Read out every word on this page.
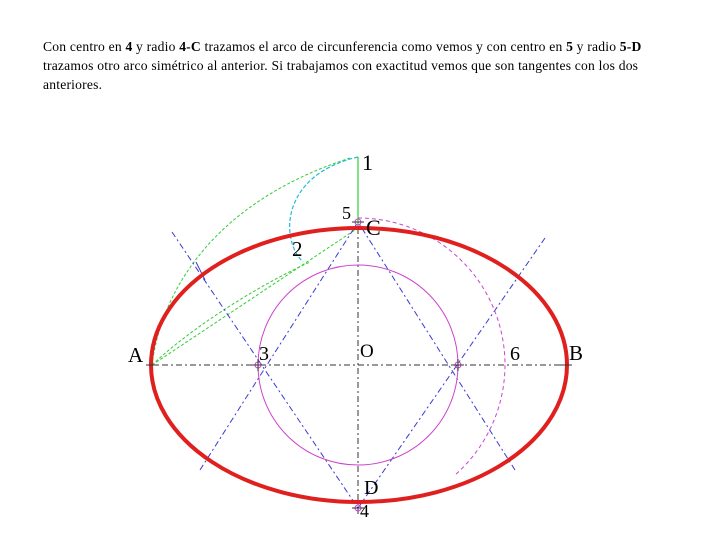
Con centro en 4 y radio 4-C trazamos el arco de circunferencia como vemos y con centro en 5 y radio 5-D trazamos otro arco simétrico al anterior. Si trabajamos con exactitud vemos que son tangentes con los dos anteriores.
1
5
C
2
A	3	O	6 B
D
4
